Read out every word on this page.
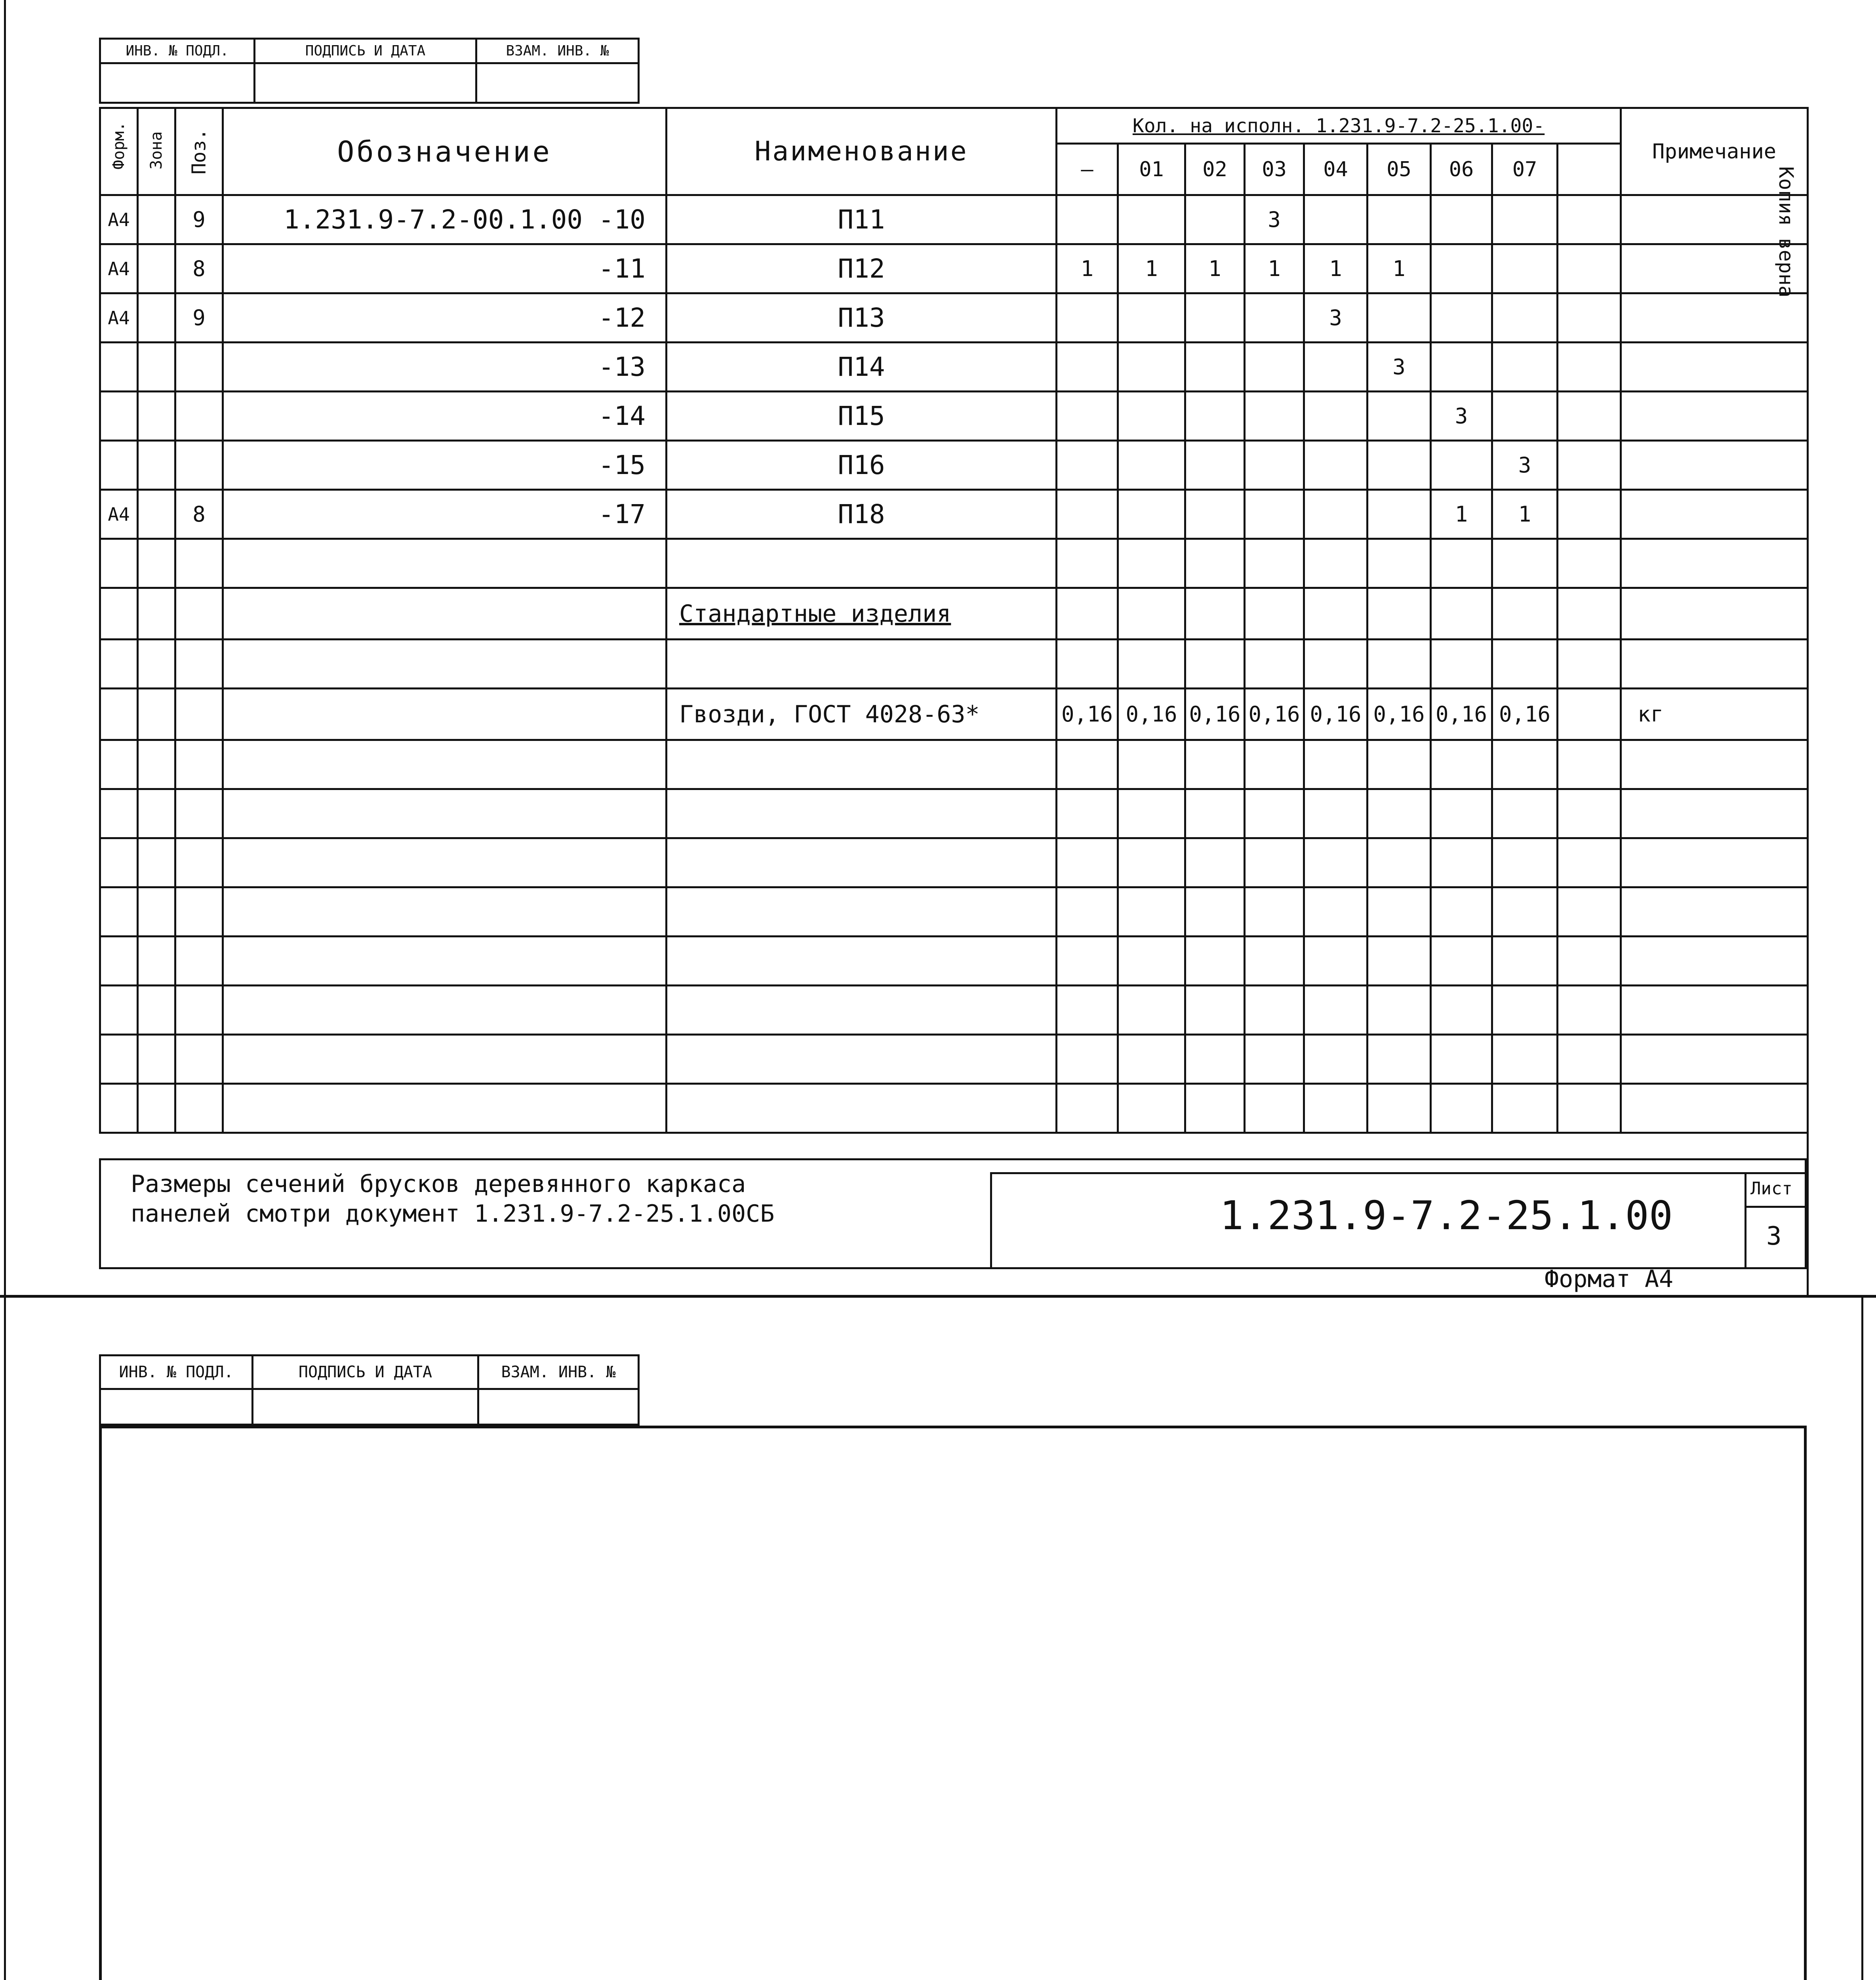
ИНВ. № ПОДЛ.	ПОДПИСЬ И ДАТА	ВЗАМ. ИНВ. №

Форм.	Зона	Поз.	Обозначение	Наименование	Кол. на исполн. 1.231.9-7.2-25.1.00-									Примечание
					–	01	02	03	04	05	06	07		
А4		9	1.231.9-7.2-00.1.00 -10	П11				3						
А4		8	-11	П12	1	1	1	1	1	1				
А4		9	-12	П13					3					
			-13	П14						3				
			-14	П15							3			
			-15	П16								3		
А4		8	-17	П18							1	1		

				Стандартные изделия										

				Гвозди, ГОСТ 4028-63*	0,16	0,16	0,16	0,16	0,16	0,16	0,16	0,16		кг

Размеры сечений брусков деревянного каркаса
панелей смотри документ 1.231.9-7.2-25.1.00СБ	1.231.9-7.2-25.1.00
Лист
3
Формат А4
Копия верна
ИНВ. № ПОДЛ.	ПОДПИСЬ И ДАТА	ВЗАМ. ИНВ. №
